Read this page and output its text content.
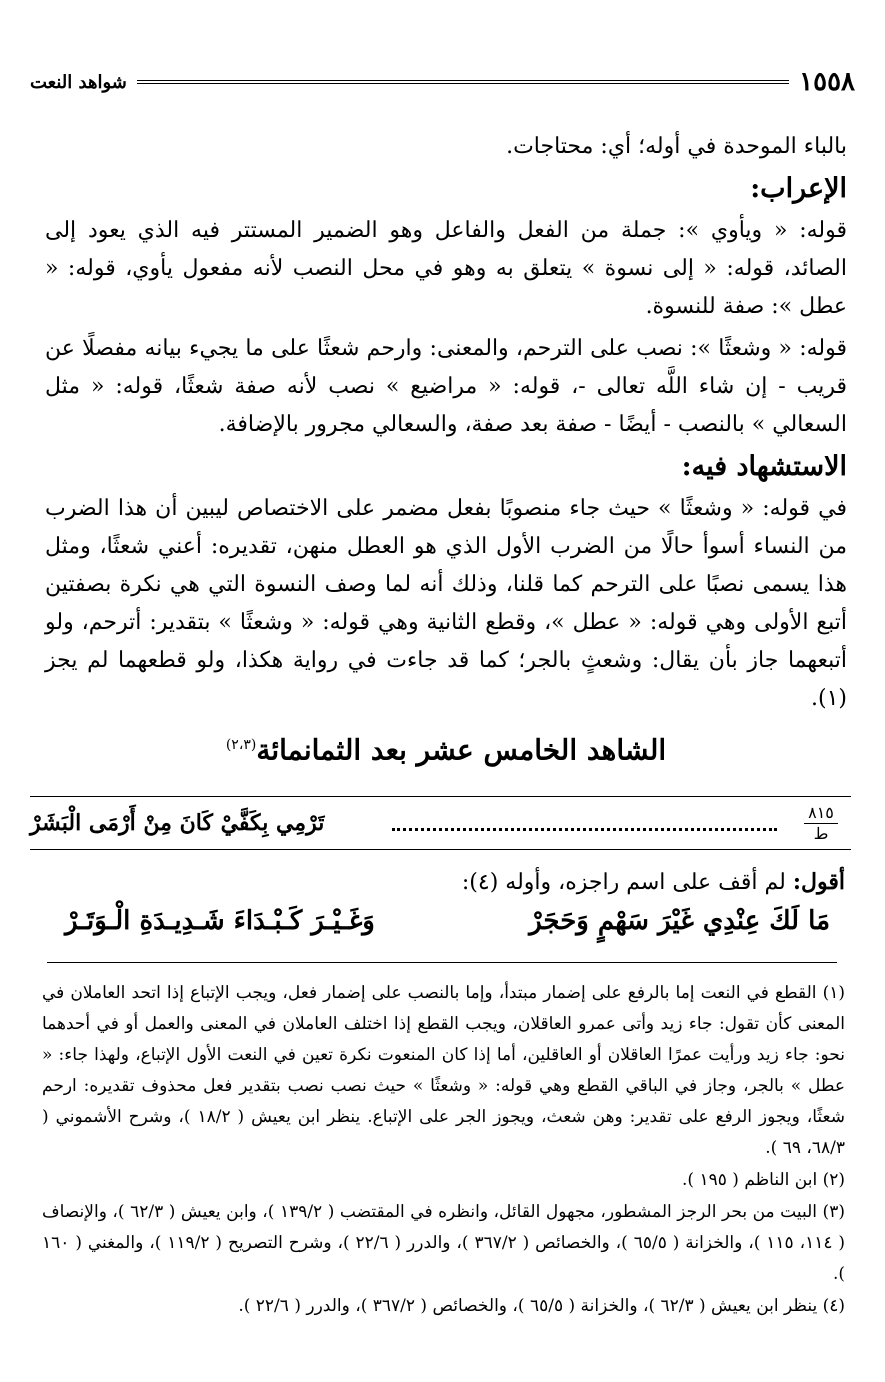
١٥٥٨
شواهد النعت

بالباء الموحدة في أوله؛ أي: محتاجات.

الإعراب:

قوله: « ويأوي »: جملة من الفعل والفاعل وهو الضمير المستتر فيه الذي يعود إلى الصائد، قوله: « إلى نسوة » يتعلق به وهو في محل النصب لأنه مفعول يأوي، قوله: « عطل »: صفة للنسوة.

قوله: « وشعثًا »: نصب على الترحم، والمعنى: وارحم شعثًا على ما يجيء بيانه مفصلًا عن قريب - إن شاء اللَّه تعالى -، قوله: « مراضيع » نصب لأنه صفة شعثًا، قوله: « مثل السعالي » بالنصب - أيضًا - صفة بعد صفة، والسعالي مجرور بالإضافة.

الاستشهاد فيه:

في قوله: « وشعثًا » حيث جاء منصوبًا بفعل مضمر على الاختصاص ليبين أن هذا الضرب من النساء أسوأ حالًا من الضرب الأول الذي هو العطل منهن، تقديره: أعني شعثًا، ومثل هذا يسمى نصبًا على الترحم كما قلنا، وذلك أنه لما وصف النسوة التي هي نكرة بصفتين أتبع الأولى وهي قوله: « عطل »، وقطع الثانية وهي قوله: « وشعثًا » بتقدير: أترحم، ولو أتبعهما جاز بأن يقال: وشعثٍ بالجر؛ كما قد جاءت في رواية هكذا، ولو قطعهما لم يجز (١).

الشاهد الخامس عشر بعد الثمانمائة$^{(٢،٣)}$
٨١٥
ط
تَرْمِي بِكَفَّيْ كَانَ مِنْ أَرْمَى الْبَشَرْ
أقول: لم أقف على اسم راجزه، وأوله (٤):
مَا لَكَ عِنْدِي غَيْرَ سَهْمٍ وَحَجَرْ
وَغَـيْـرَ كَـبْـدَاءَ شَـدِيـدَةِ الْـوَتَـرْ

(١) القطع في النعت إما بالرفع على إضمار مبتدأ، وإما بالنصب على إضمار فعل، ويجب الإتباع إذا اتحد العاملان في المعنى كأن تقول: جاء زيد وأتى عمرو العاقلان، ويجب القطع إذا اختلف العاملان في المعنى والعمل أو في أحدهما نحو: جاء زيد ورأيت عمرًا العاقلان أو العاقلين، أما إذا كان المنعوت نكرة تعين في النعت الأول الإتباع، ولهذا جاء: « عطل » بالجر، وجاز في الباقي القطع وهي قوله: « وشعثًا » حيث نصب نصب بتقدير فعل محذوف تقديره: ارحم شعثًا، ويجوز الرفع على تقدير: وهن شعث، ويجوز الجر على الإتباع. ينظر ابن يعيش ( ١٨/٢ )، وشرح الأشموني ( ٦٨/٣، ٦٩ ).

(٢) ابن الناظم ( ١٩٥ ).

(٣) البيت من بحر الرجز المشطور، مجهول القائل، وانظره في المقتضب ( ١٣٩/٢ )، وابن يعيش ( ٦٢/٣ )، والإنصاف ( ١١٤، ١١٥ )، والخزانة ( ٦٥/٥ )، والخصائص ( ٣٦٧/٢ )، والدرر ( ٢٢/٦ )، وشرح التصريح ( ١١٩/٢ )، والمغني ( ١٦٠ ).

(٤) ينظر ابن يعيش ( ٦٢/٣ )، والخزانة ( ٦٥/٥ )، والخصائص ( ٣٦٧/٢ )، والدرر ( ٢٢/٦ ).
